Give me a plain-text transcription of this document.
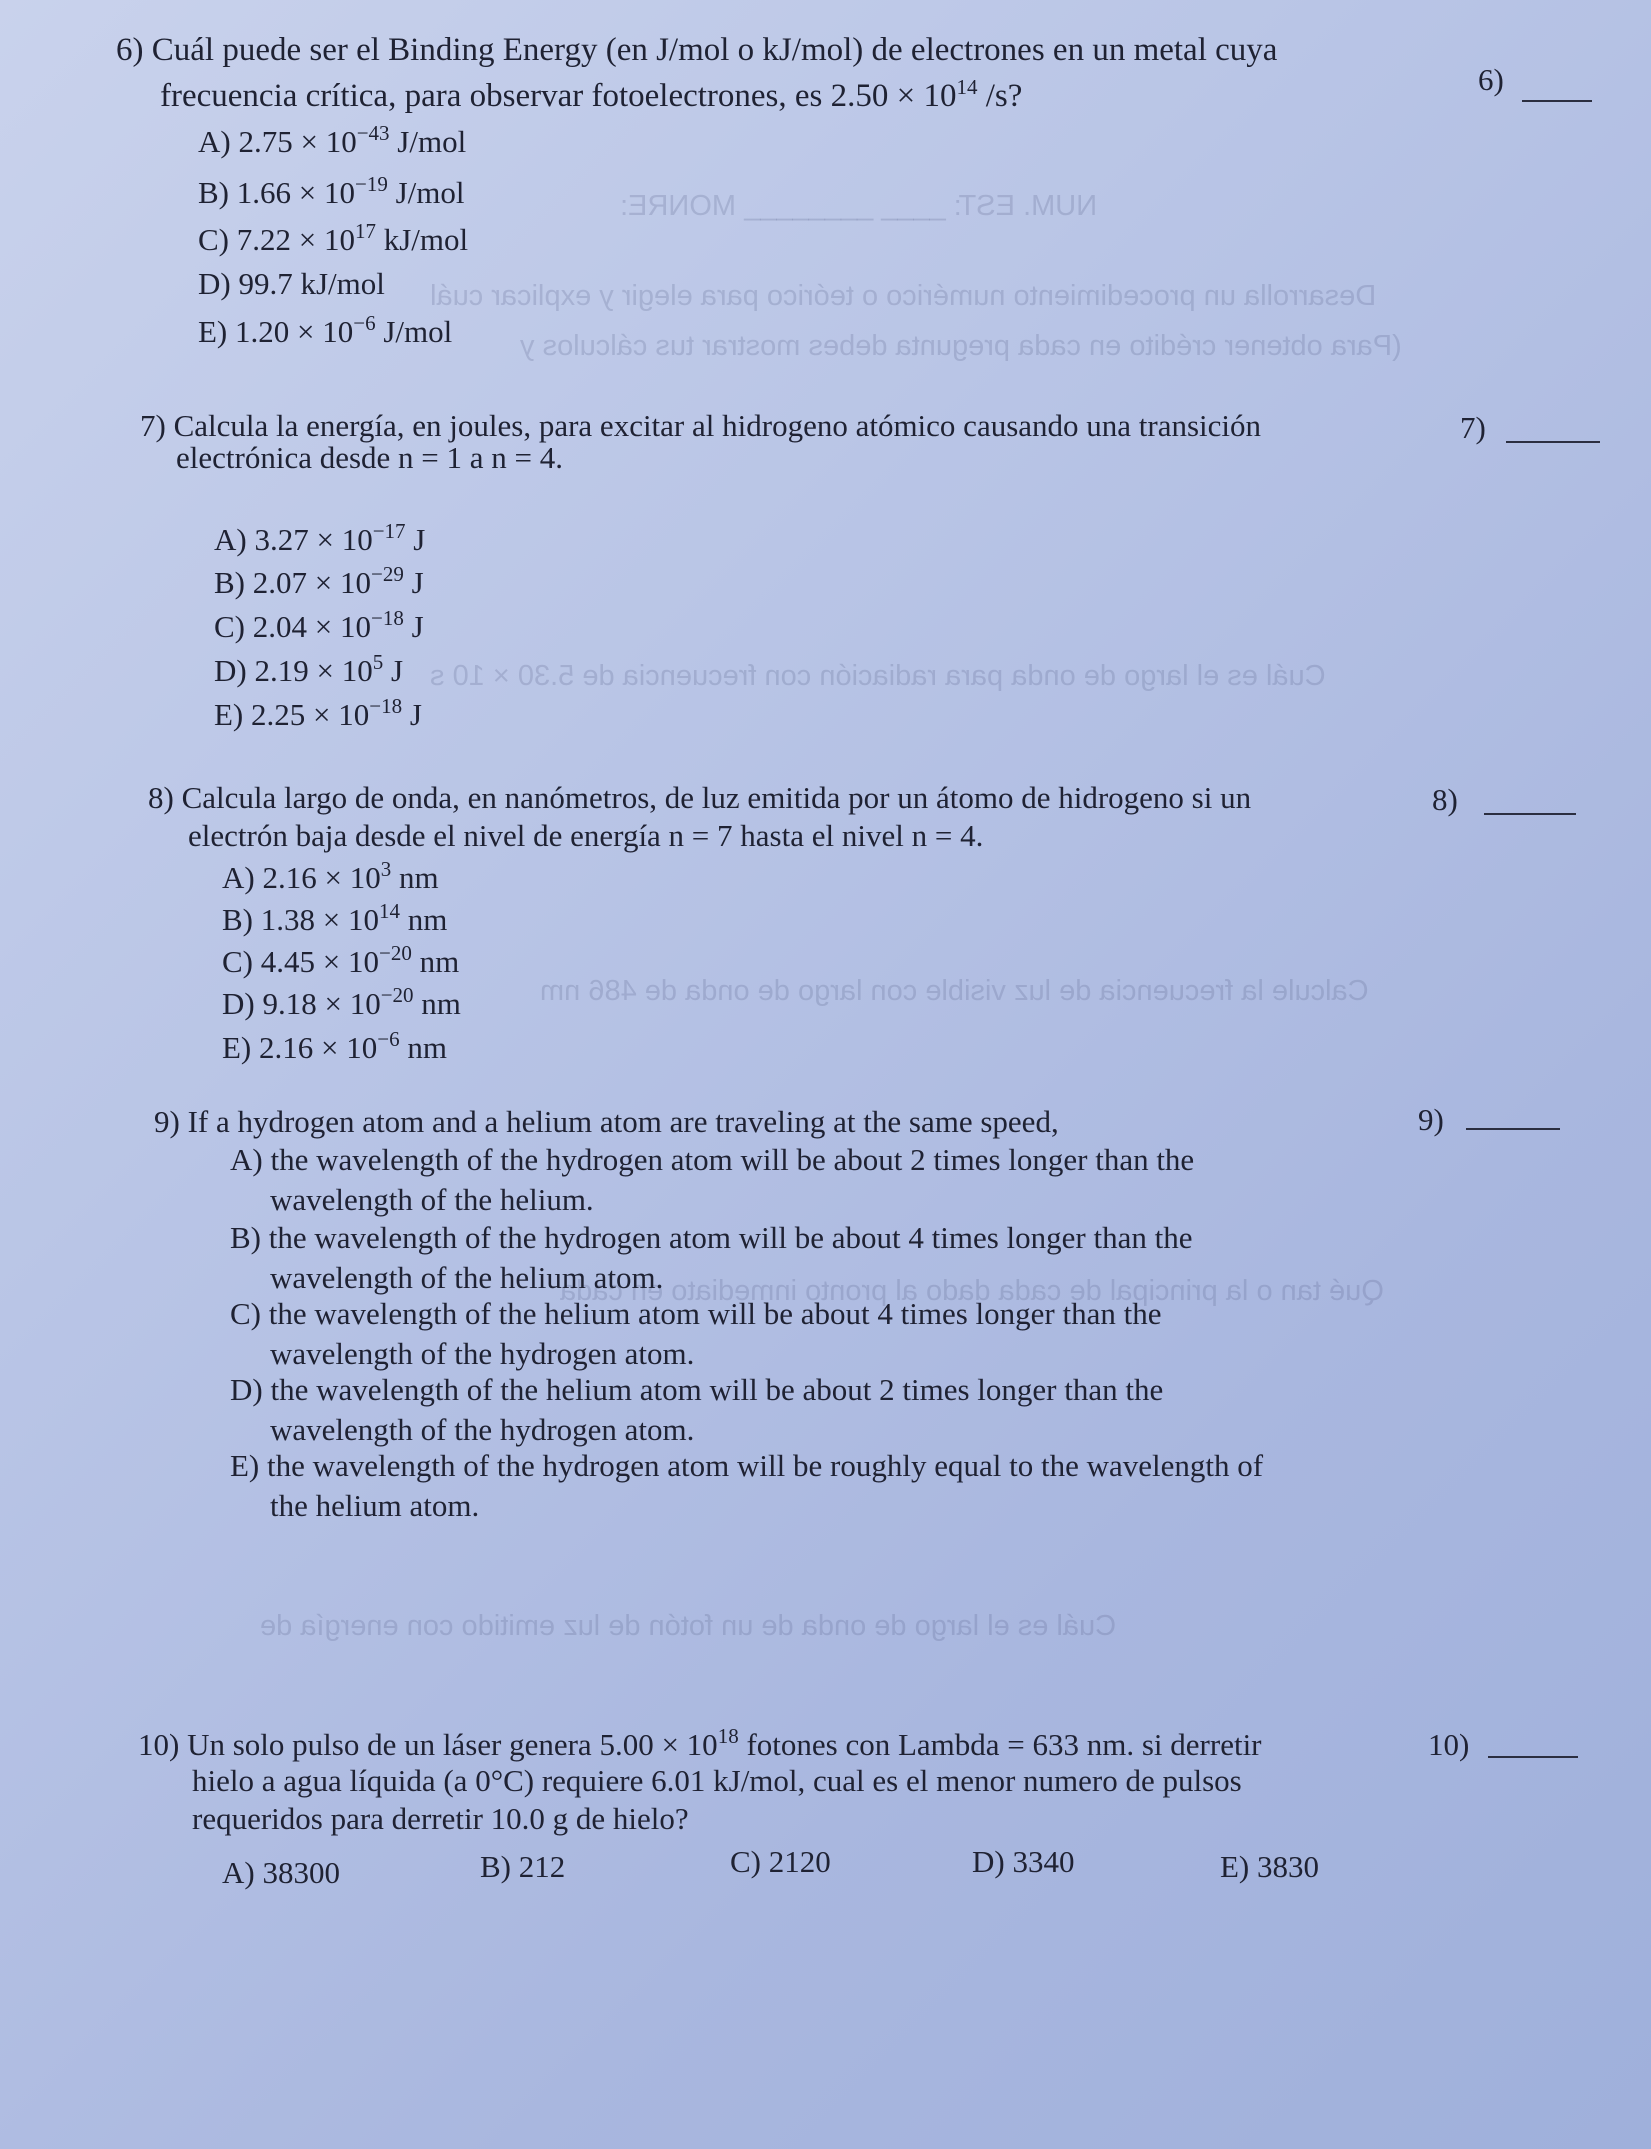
NUM. EST: ____ ________ MONRE:
Desarrolla un procedimiento numérico o teórico para elegir y explicar cuál
(Para obtener crédito en cada pregunta debes mostrar tus cálculos y
Cuál es el largo de onda para radiación con frecuencia de 5.30 × 10 s
Calcule la frecuencia de luz visible con largo de onda de 486 nm
Qué tan o la principal de cada dado al pronto inmediato en cada
Cuál es el largo de onda de un fotón de luz emitido con energía de
6) Cuál puede ser el Binding Energy (en J/mol o kJ/mol) de electrones en un metal cuya
frecuencia crítica, para observar fotoelectrones, es $2.50 \times 10^{14}$ /s?	6)
A) $2.75 \times 10^{-43}$ J/mol
B) $1.66 \times 10^{-19}$ J/mol
C) $7.22 \times 10^{17}$ kJ/mol
D) 99.7 kJ/mol
E) $1.20 \times 10^{-6}$ J/mol
7) Calcula la energía, en joules, para excitar al hidrogeno atómico causando una transición
electrónica desde n = 1 a n = 4.
7)
A) $3.27 \times 10^{-17}$ J
B) $2.07 \times 10^{-29}$ J
C) $2.04 \times 10^{-18}$ J
D) $2.19 \times 10^5$ J
E) $2.25 \times 10^{-18}$ J
8) Calcula largo de onda, en nanómetros, de luz emitida por un átomo de hidrogeno si un
electrón baja desde el nivel de energía n = 7 hasta el nivel n = 4.
8)
A) $2.16 \times 10^3$ nm
B) $1.38 \times 10^{14}$ nm
C) $4.45 \times 10^{-20}$ nm
D) $9.18 \times 10^{-20}$ nm
E) $2.16 \times 10^{-6}$ nm
9) If a hydrogen atom and a helium atom are traveling at the same speed,	9)
A) the wavelength of the hydrogen atom will be about 2 times longer than the
wavelength of the helium.
B) the wavelength of the hydrogen atom will be about 4 times longer than the
wavelength of the helium atom.
C) the wavelength of the helium atom will be about 4 times longer than the
wavelength of the hydrogen atom.
D) the wavelength of the helium atom will be about 2 times longer than the
wavelength of the hydrogen atom.
E) the wavelength of the hydrogen atom will be roughly equal to the wavelength of
the helium atom.
10) Un solo pulso de un láser genera $5.00 \times 10^{18}$ fotones con Lambda = 633 nm. si derretir
hielo a agua líquida (a 0°C) requiere 6.01 kJ/mol, cual es el menor numero de pulsos
requeridos para derretir 10.0 g de hielo?
10)
A) 38300	B) 212	C) 2120	D) 3340	E) 3830
